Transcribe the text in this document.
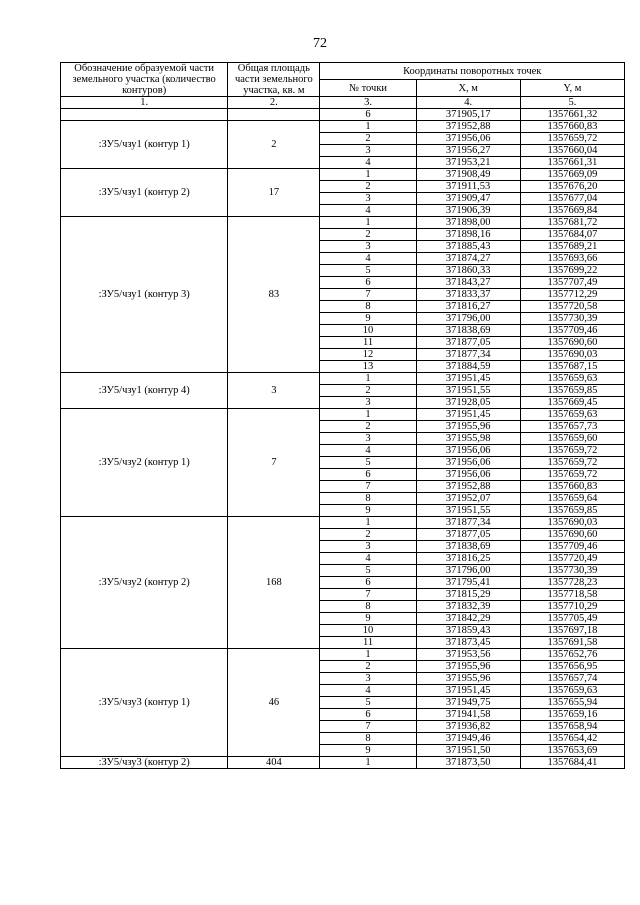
72
Обозначение образуемой части земельного участка (количество контуров)	Общая площадь части земельного участка, кв. м	Координаты поворотных точек		
		№ точки	X, м	Y, м
1.	2.	3.	4.	5.
		6	371905,17	1357661,32
:ЗУ5/чзу1 (контур 1)	2	1	371952,88	1357660,83
		2	371956,06	1357659,72
		3	371956,27	1357660,04
		4	371953,21	1357661,31
:ЗУ5/чзу1 (контур 2)	17	1	371908,49	1357669,09
		2	371911,53	1357676,20
		3	371909,47	1357677,04
		4	371906,39	1357669,84
:ЗУ5/чзу1 (контур 3)	83	1	371898,00	1357681,72
		2	371898,16	1357684,07
		3	371885,43	1357689,21
		4	371874,27	1357693,66
		5	371860,33	1357699,22
		6	371843,27	1357707,49
		7	371833,37	1357712,29
		8	371816,27	1357720,58
		9	371796,00	1357730,39
		10	371838,69	1357709,46
		11	371877,05	1357690,60
		12	371877,34	1357690,03
		13	371884,59	1357687,15
:ЗУ5/чзу1 (контур 4)	3	1	371951,45	1357659,63
		2	371951,55	1357659,85
		3	371928,05	1357669,45
:ЗУ5/чзу2 (контур 1)	7	1	371951,45	1357659,63
		2	371955,96	1357657,73
		3	371955,98	1357659,60
		4	371956,06	1357659,72
		5	371956,06	1357659,72
		6	371956,06	1357659,72
		7	371952,88	1357660,83
		8	371952,07	1357659,64
		9	371951,55	1357659,85
:ЗУ5/чзу2 (контур 2)	168	1	371877,34	1357690,03
		2	371877,05	1357690,60
		3	371838,69	1357709,46
		4	371816,25	1357720,49
		5	371796,00	1357730,39
		6	371795,41	1357728,23
		7	371815,29	1357718,58
		8	371832,39	1357710,29
		9	371842,29	1357705,49
		10	371859,43	1357697,18
		11	371873,45	1357691,58
:ЗУ5/чзу3 (контур 1)	46	1	371953,56	1357652,76
		2	371955,96	1357656,95
		3	371955,96	1357657,74
		4	371951,45	1357659,63
		5	371949,75	1357655,94
		6	371941,58	1357659,16
		7	371936,82	1357658,94
		8	371949,46	1357654,42
		9	371951,50	1357653,69
:ЗУ5/чзу3 (контур 2)	404	1	371873,50	1357684,41
